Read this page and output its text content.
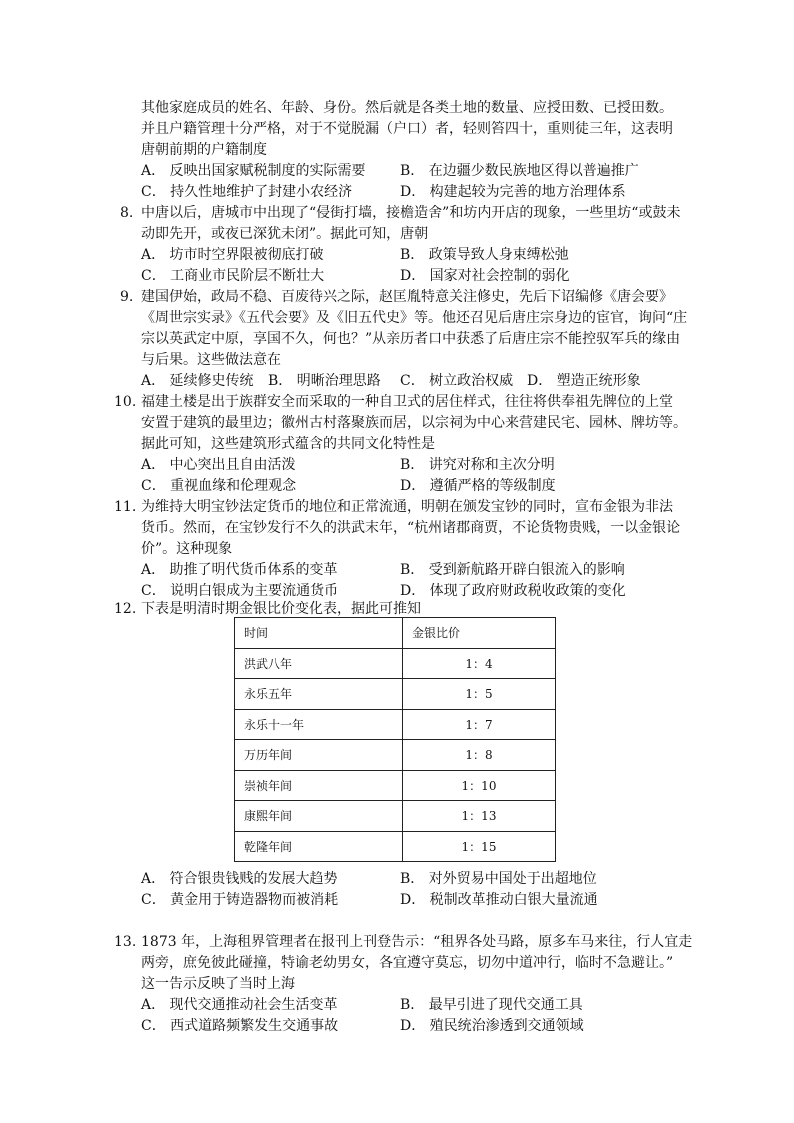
其他家庭成员的姓名、年龄、身份。然后就是各类土地的数量、应授田数、已授田数。
并且户籍管理十分严格，对于不觉脱漏（户口）者，轻则笞四十，重则徒三年，这表明
唐朝前期的户籍制度
A． 反映出国家赋税制度的实际需要 B． 在边疆少数民族地区得以普遍推广
C． 持久性地维护了封建小农经济	D． 构建起较为完善的地方治理体系
8. 中唐以后，唐城市中出现了“侵街打墙，接檐造舍”和坊内开店的现象，一些里坊“或鼓未
动即先开，或夜已深犹未闭”。据此可知，唐朝
A． 坊市时空界限被彻底打破	B． 政策导致人身束缚松弛
C． 工商业市民阶层不断壮大	D． 国家对社会控制的弱化
9. 建国伊始，政局不稳、百废待兴之际，赵匡胤特意关注修史，先后下诏编修《唐会要》
《周世宗实录》《五代会要》及《旧五代史》等。他还召见后唐庄宗身边的宦官，询问“庄
宗以英武定中原，享国不久，何也？”从亲历者口中获悉了后唐庄宗不能控驭军兵的缘由
与后果。这些做法意在
A． 延续修史传统 B． 明晰治理思路 C． 树立政治权威 D． 塑造正统形象
10. 福建土楼是出于族群安全而采取的一种自卫式的居住样式，往往将供奉祖先牌位的上堂
安置于建筑的最里边；徽州古村落聚族而居，以宗祠为中心来营建民宅、园林、牌坊等。
据此可知，这些建筑形式蕴含的共同文化特性是
A． 中心突出且自由活泼	B． 讲究对称和主次分明
C． 重视血缘和伦理观念	D． 遵循严格的等级制度
11. 为维持大明宝钞法定货币的地位和正常流通，明朝在颁发宝钞的同时，宣布金银为非法
货币。然而，在宝钞发行不久的洪武末年，“杭州诸郡商贾，不论货物贵贱，一以金银论
价”。这种现象
A． 助推了明代货币体系的变革	B． 受到新航路开辟白银流入的影响
C． 说明白银成为主要流通货币	D． 体现了政府财政税收政策的变化
12. 下表是明清时期金银比价变化表，据此可推知
时间	金银比价
洪武八年	1：4
永乐五年	1：5
永乐十一年	1：7
万历年间	1：8
崇祯年间	1：10
康熙年间	1：13
乾隆年间	1：15
A． 符合银贵钱贱的发展大趋势	B． 对外贸易中国处于出超地位
C． 黄金用于铸造器物而被消耗	D． 税制改革推动白银大量流通
13. 1873 年，上海租界管理者在报刊上刊登告示：“租界各处马路，原多车马来往，行人宜走
两旁，庶免彼此碰撞，特谕老幼男女，各宜遵守莫忘，切勿中道冲行，临时不急避让。”
这一告示反映了当时上海
A． 现代交通推动社会生活变革	B． 最早引进了现代交通工具
C． 西式道路频繁发生交通事故	D． 殖民统治渗透到交通领域
